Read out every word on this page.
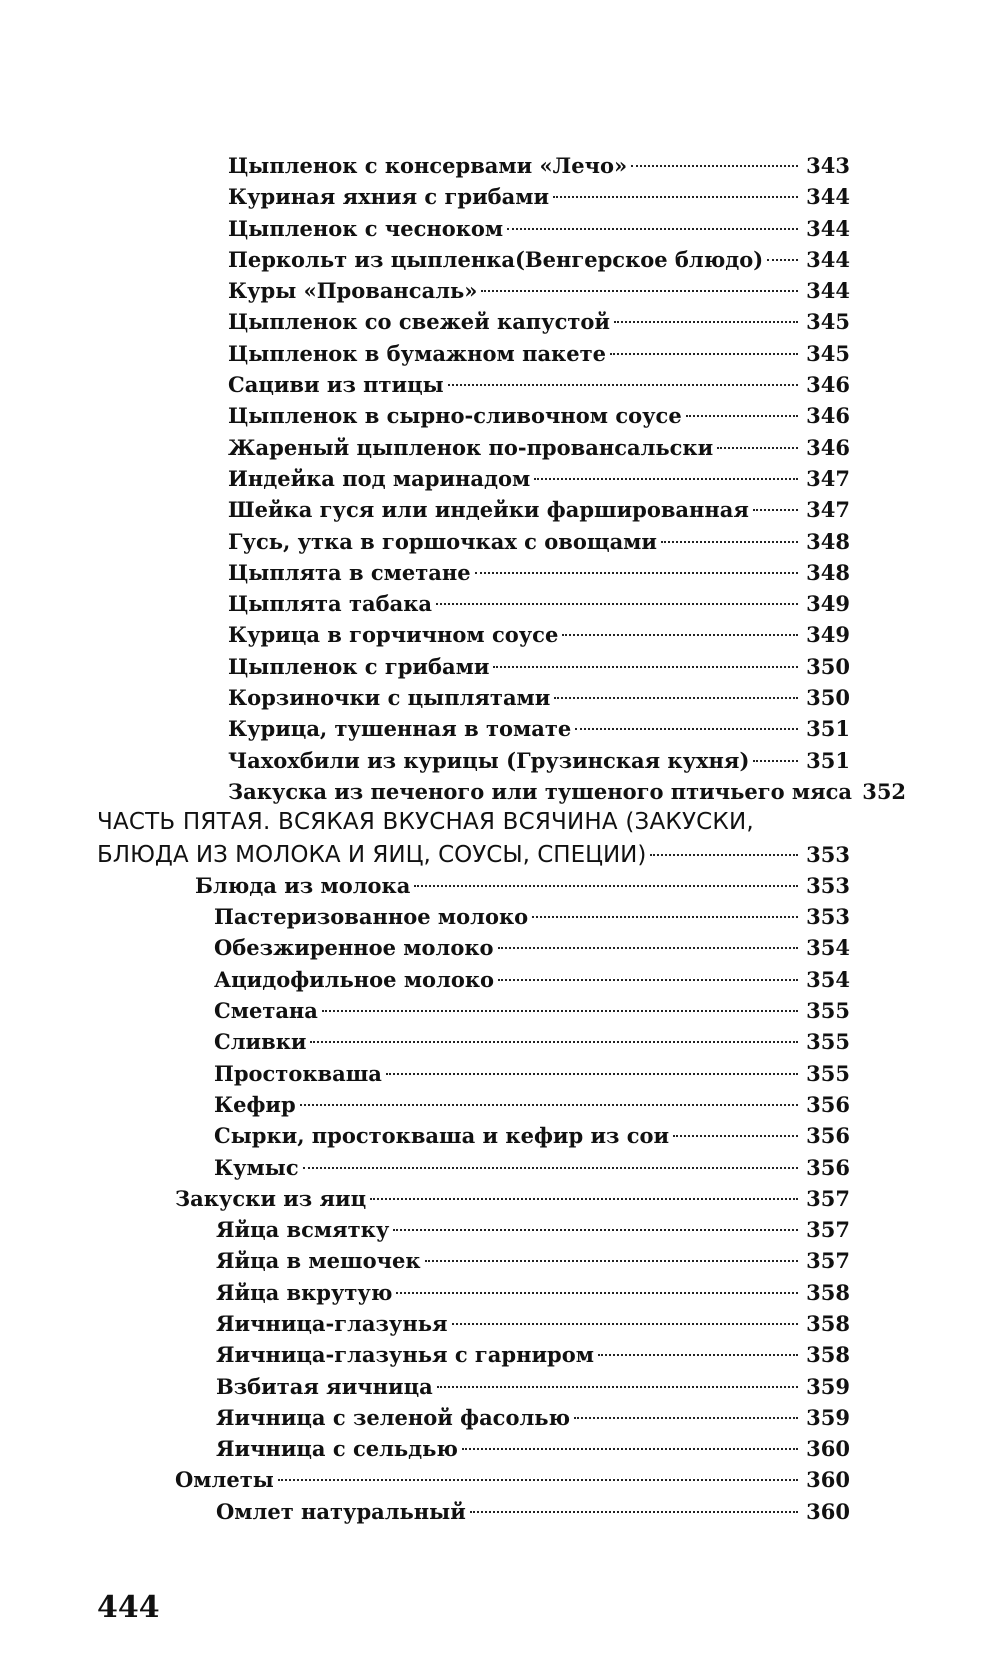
Цыпленок с консервами «Лечо»	343
Куриная яхния с грибами	344
Цыпленок с чесноком	344
Перкольт из цыпленка(Венгерское блюдо) 344
Куры «Провансаль»	344
Цыпленок со свежей капустой	345
Цыпленок в бумажном пакете	345
Сациви из птицы	346
Цыпленок в сырно-сливочном соусе	346
Жареный цыпленок по-провансальски	346
Индейка под маринадом	347
Шейка гуся или индейки фаршированная	347
Гусь, утка в горшочках с овощами	348
Цыплята в сметане	348
Цыплята табака	349
Курица в горчичном соусе	349
Цыпленок с грибами	350
Корзиночки с цыплятами	350
Курица, тушенная в томате	351
Чахохбили из курицы (Грузинская кухня)	351
Закуска из печеного или тушеного птичьего мяса 352
ЧАСТЬ ПЯТАЯ. ВСЯКАЯ ВКУСНАЯ ВСЯЧИНА (ЗАКУСКИ,
БЛЮДА ИЗ МОЛОКА И ЯИЦ, СОУСЫ, СПЕЦИИ)	353
Блюда из молока	353
Пастеризованное молоко	353
Обезжиренное молоко	354
Ацидофильное молоко	354
Сметана	355
Сливки	355
Простокваша	355
Кефир	356
Сырки, простокваша и кефир из сои	356
Кумыс	356
Закуски из яиц	357
Яйца всмятку	357
Яйца в мешочек	357
Яйца вкрутую	358
Яичница-глазунья	358
Яичница-глазунья с гарниром	358
Взбитая яичница	359
Яичница с зеленой фасолью	359
Яичница с сельдью	360
Омлеты	360
Омлет натуральный	360
444
